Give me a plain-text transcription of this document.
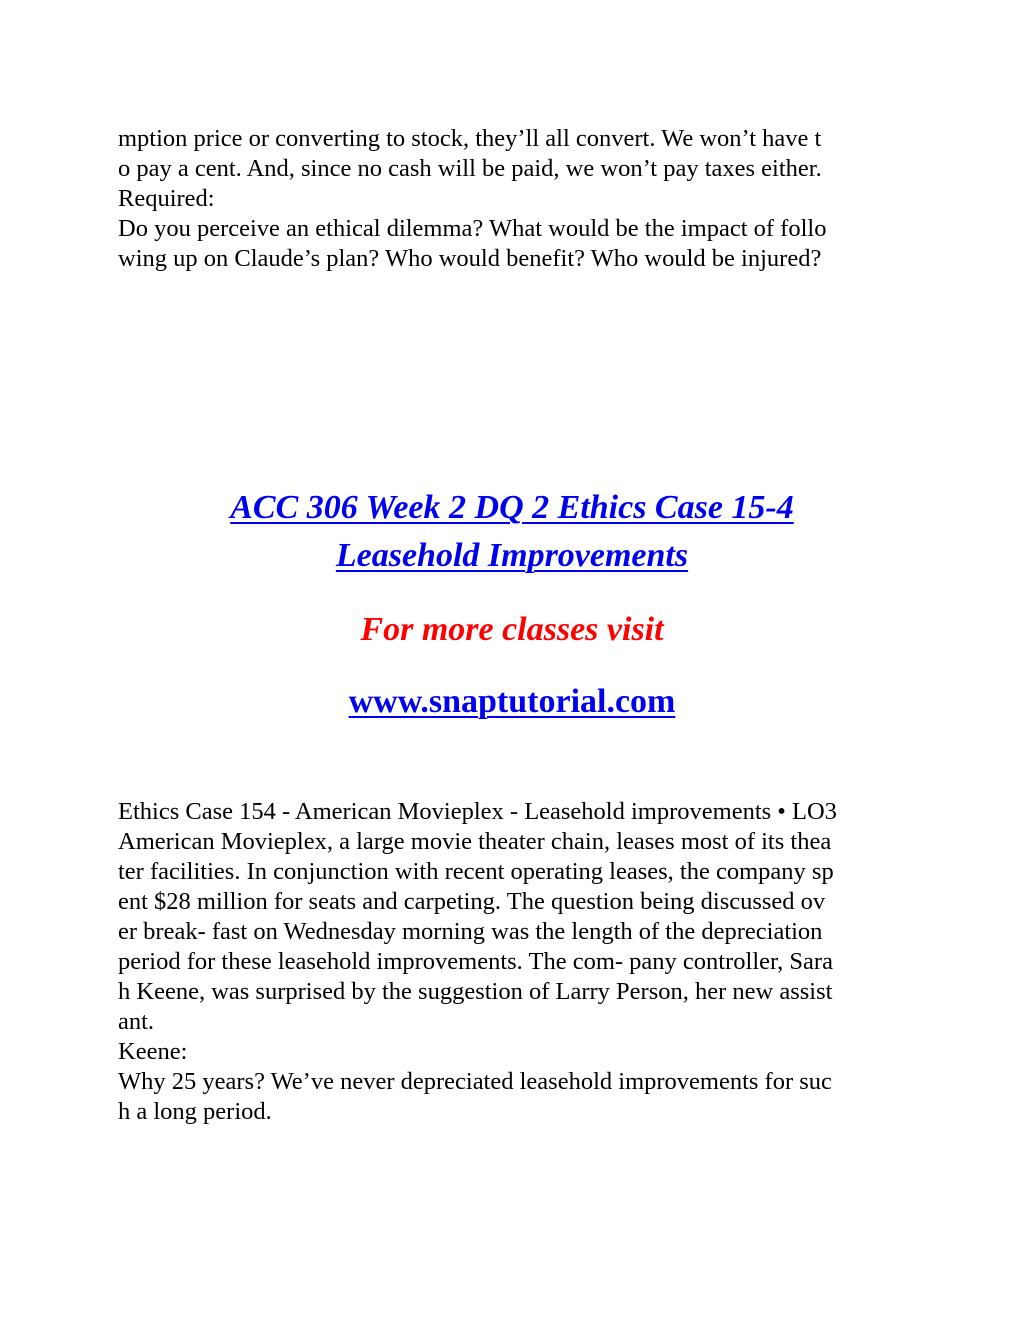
mption price or converting to stock, they’ll all convert. We won’t have t
o pay a cent. And, since no cash will be paid, we won’t pay taxes either.
Required:
Do you perceive an ethical dilemma? What would be the impact of follo
wing up on Claude’s plan? Who would benefit? Who would be injured?
ACC 306 Week 2 DQ 2 Ethics Case 15-4
Leasehold Improvements
For more classes visit
www.snaptutorial.com
Ethics Case 154 - American Movieplex - Leasehold improvements • LO3
American Movieplex, a large movie theater chain, leases most of its thea
ter facilities. In conjunction with recent operating leases, the company sp
ent $28 million for seats and carpeting. The question being discussed ov
er break- fast on Wednesday morning was the length of the depreciation
period for these leasehold improvements. The com- pany controller, Sara
h Keene, was surprised by the suggestion of Larry Person, her new assist
ant.
Keene:
Why 25 years? We’ve never depreciated leasehold improvements for suc
h a long period.
